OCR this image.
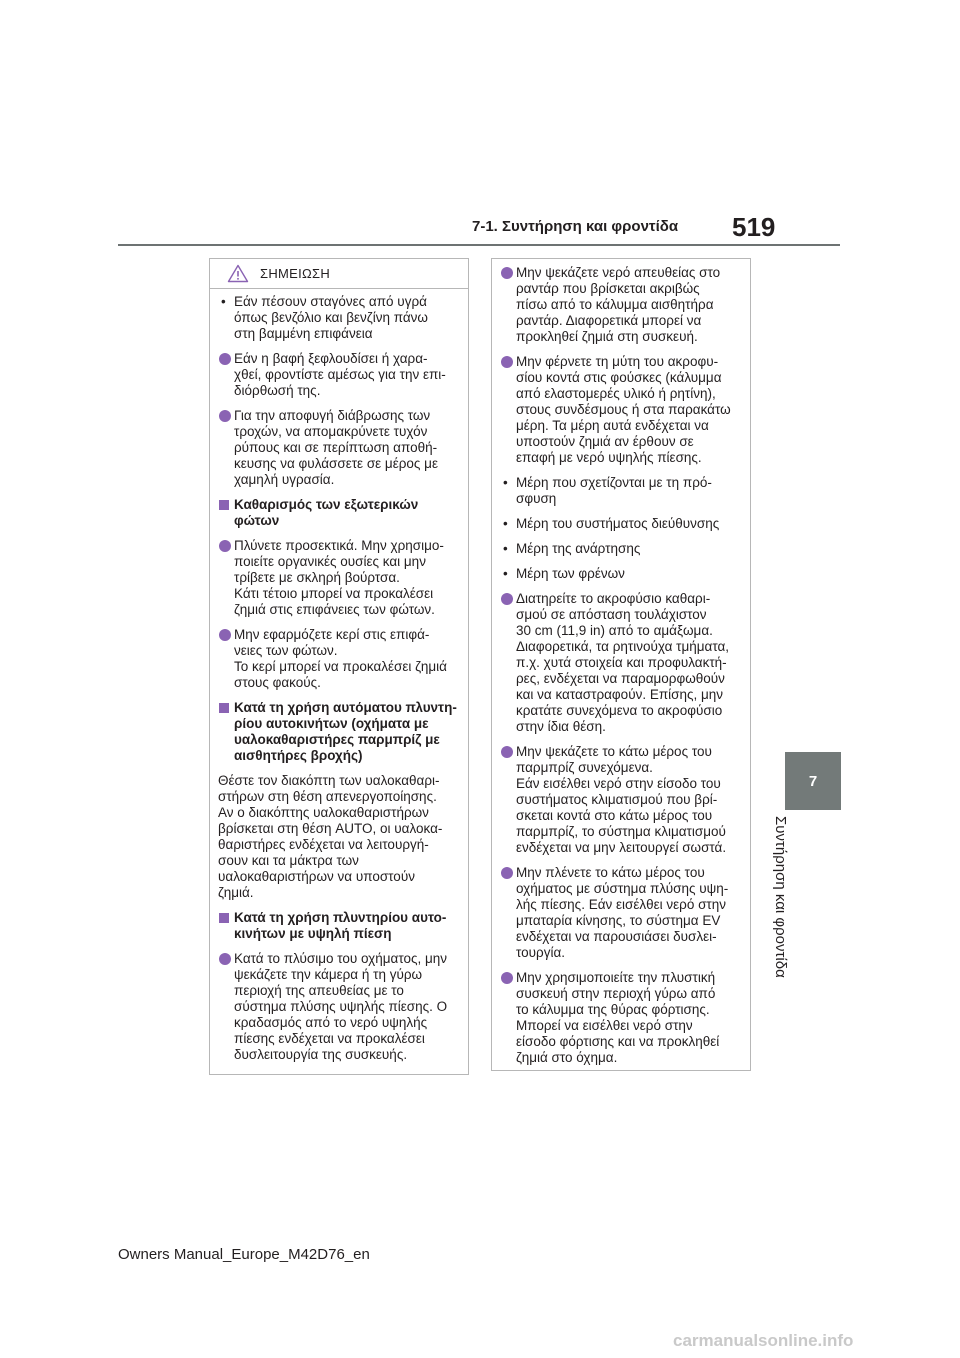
7-1. Συντήρηση και φροντίδα 519
7
Συντήρηση και φροντίδα
ΣΗΜΕΙΩΣΗ
• Εάν πέσουν σταγόνες από υγρά
όπως βενζόλιο και βενζίνη πάνω
στη βαμμένη επιφάνεια
Εάν η βαφή ξεφλουδίσει ή χαρα-
χθεί, φροντίστε αμέσως για την επι-
διόρθωσή της.
Για την αποφυγή διάβρωσης των
τροχών, να απομακρύνετε τυχόν
ρύπους και σε περίπτωση αποθή-
κευσης να φυλάσσετε σε μέρος με
χαμηλή υγρασία.
Καθαρισμός των εξωτερικών
φώτων
Πλύνετε προσεκτικά. Μην χρησιμο-
ποιείτε οργανικές ουσίες και μην
τρίβετε με σκληρή βούρτσα.
Κάτι τέτοιο μπορεί να προκαλέσει
ζημιά στις επιφάνειες των φώτων.
Μην εφαρμόζετε κερί στις επιφά-
νειες των φώτων.
Το κερί μπορεί να προκαλέσει ζημιά
στους φακούς.
Κατά τη χρήση αυτόματου πλυντη-
ρίου αυτοκινήτων (οχήματα με
υαλοκαθαριστήρες παρμπρίζ με
αισθητήρες βροχής)
Θέστε τον διακόπτη των υαλοκαθαρι-
στήρων στη θέση απενεργοποίησης.
Αν ο διακόπτης υαλοκαθαριστήρων
βρίσκεται στη θέση AUTO, οι υαλοκα-
θαριστήρες ενδέχεται να λειτουργή-
σουν και τα μάκτρα των
υαλοκαθαριστήρων να υποστούν
ζημιά.
Κατά τη χρήση πλυντηρίου αυτο-
κινήτων με υψηλή πίεση
Κατά το πλύσιμο του οχήματος, μην
ψεκάζετε την κάμερα ή τη γύρω
περιοχή της απευθείας με το
σύστημα πλύσης υψηλής πίεσης. Ο
κραδασμός από το νερό υψηλής
πίεσης ενδέχεται να προκαλέσει
δυσλειτουργία της συσκευής.
Μην ψεκάζετε νερό απευθείας στο
ραντάρ που βρίσκεται ακριβώς
πίσω από το κάλυμμα αισθητήρα
ραντάρ. Διαφορετικά μπορεί να
προκληθεί ζημιά στη συσκευή.
Μην φέρνετε τη μύτη του ακροφυ-
σίου κοντά στις φούσκες (κάλυμμα
από ελαστομερές υλικό ή ρητίνη),
στους συνδέσμους ή στα παρακάτω
μέρη. Τα μέρη αυτά ενδέχεται να
υποστούν ζημιά αν έρθουν σε
επαφή με νερό υψηλής πίεσης.
• Μέρη που σχετίζονται με τη πρό-
σφυση
• Μέρη του συστήματος διεύθυνσης
• Μέρη της ανάρτησης
• Μέρη των φρένων
Διατηρείτε το ακροφύσιο καθαρι-
σμού σε απόσταση τουλάχιστον
30 cm (11,9 in) από το αμάξωμα.
Διαφορετικά, τα ρητινούχα τμήματα,
π.χ. χυτά στοιχεία και προφυλακτή-
ρες, ενδέχεται να παραμορφωθούν
και να καταστραφούν. Επίσης, μην
κρατάτε συνεχόμενα το ακροφύσιο
στην ίδια θέση.
Μην ψεκάζετε το κάτω μέρος του
παρμπρίζ συνεχόμενα.
Εάν εισέλθει νερό στην είσοδο του
συστήματος κλιματισμού που βρί-
σκεται κοντά στο κάτω μέρος του
παρμπρίζ, το σύστημα κλιματισμού
ενδέχεται να μην λειτουργεί σωστά.
Μην πλένετε το κάτω μέρος του
οχήματος με σύστημα πλύσης υψη-
λής πίεσης. Εάν εισέλθει νερό στην
μπαταρία κίνησης, το σύστημα EV
ενδέχεται να παρουσιάσει δυσλει-
τουργία.
Μην χρησιμοποιείτε την πλυστική
συσκευή στην περιοχή γύρω από
το κάλυμμα της θύρας φόρτισης.
Μπορεί να εισέλθει νερό στην
είσοδο φόρτισης και να προκληθεί
ζημιά στο όχημα.
Owners Manual_Europe_M42D76_en
carmanualsonline.info
